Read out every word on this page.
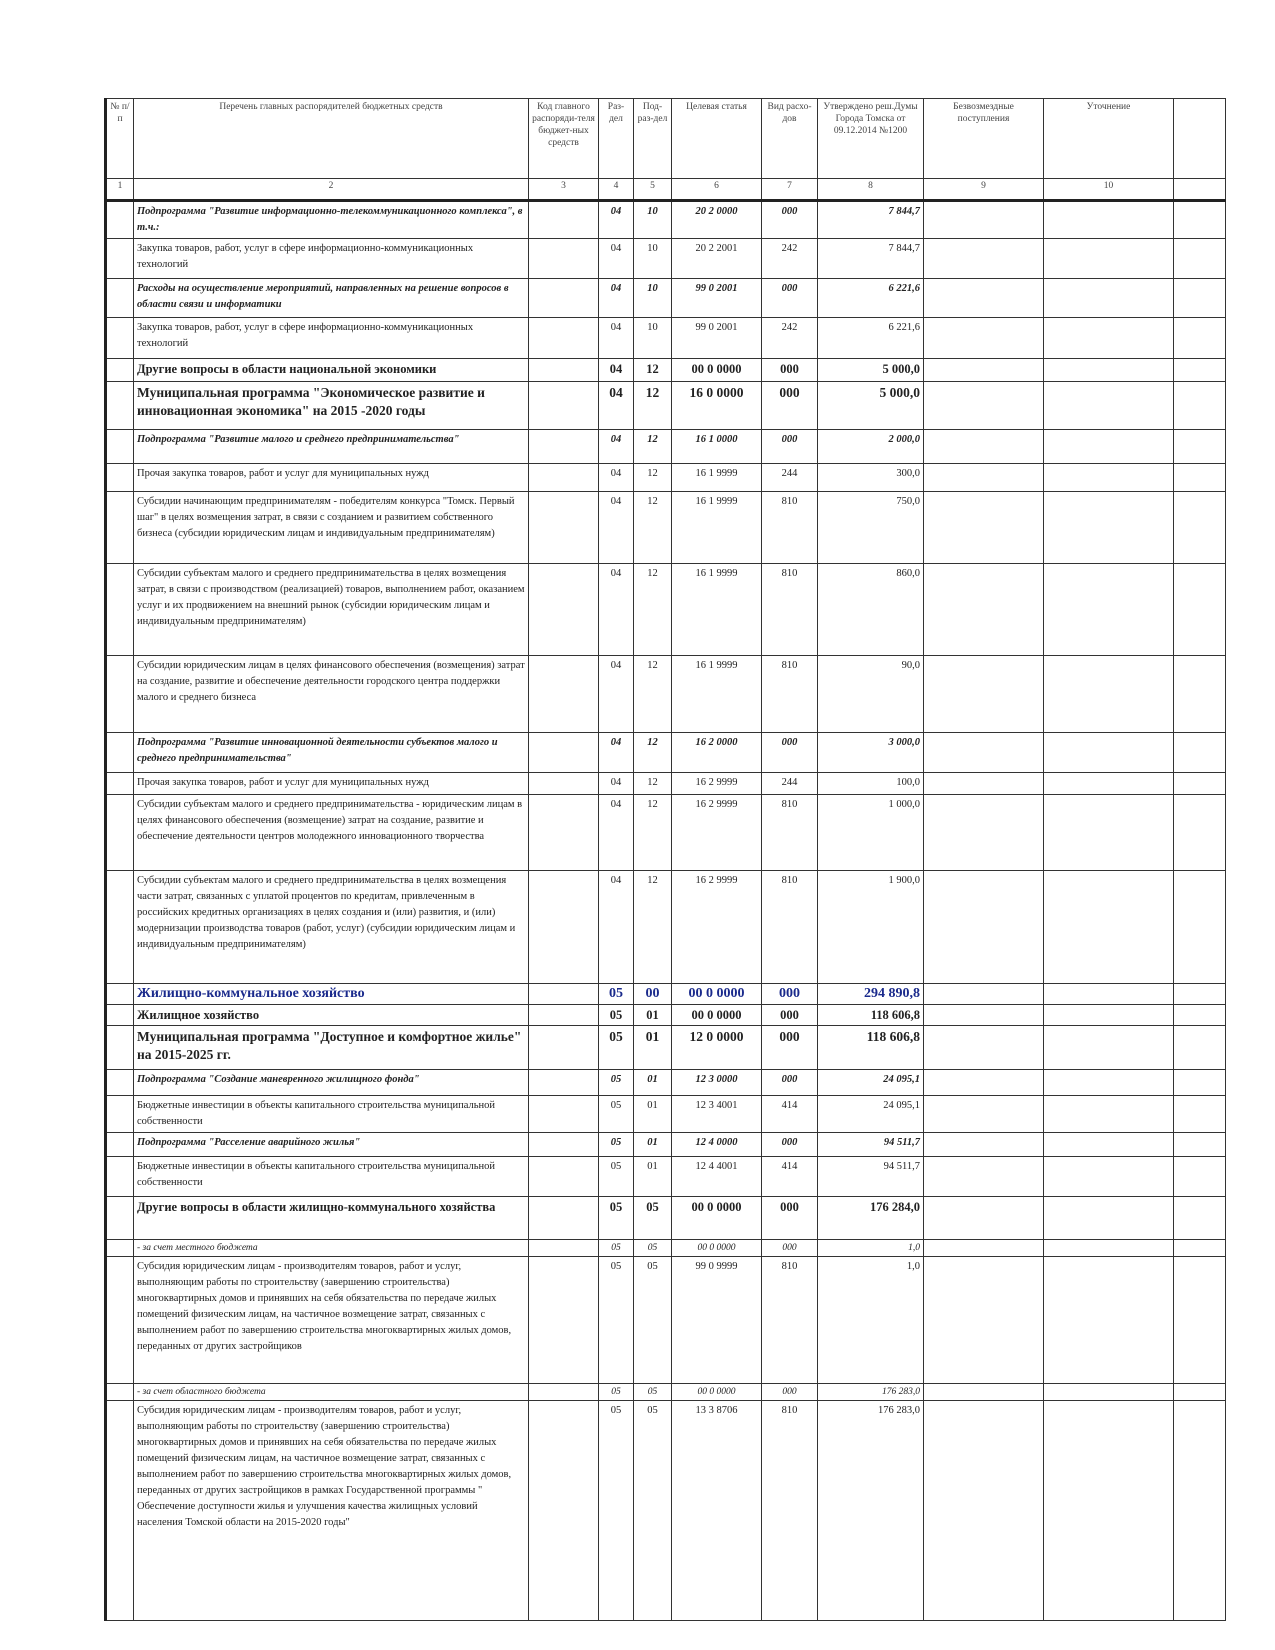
№ п/п	Перечень главных распорядителей бюджетных средств	Код главного распоряди-теля бюджет-ных средств	Раз-дел	Под-раз-дел	Целевая статья	Вид расхо-дов	Утверждено реш.Думы Города Томска от 09.12.2014 №1200	Безвозмездные поступления	Уточнение	
1	2	3	4	5	6	7	8	9	10	
	Подпрограмма "Развитие информационно-телекоммуникационного комплекса", в т.ч.:		04	10	20 2 0000	000	7 844,7			
	Закупка товаров, работ, услуг в сфере информационно-коммуникационных технологий		04	10	20 2 2001	242	7 844,7			
	Расходы на осуществление мероприятий, направленных на решение вопросов в области связи и информатики		04	10	99 0 2001	000	6 221,6			
	Закупка товаров, работ, услуг в сфере информационно-коммуникационных технологий		04	10	99 0 2001	242	6 221,6			
	Другие вопросы в области национальной экономики		04	12	00 0 0000	000	5 000,0			
	Муниципальная программа "Экономическое развитие и инновационная экономика" на 2015 -2020 годы		04	12	16 0 0000	000	5 000,0			
	Подпрограмма "Развитие малого и среднего предпринимательства"		04	12	16 1 0000	000	2 000,0			
	Прочая закупка товаров, работ и услуг для муниципальных нужд		04	12	16 1 9999	244	300,0			
	Субсидии начинающим предпринимателям - победителям конкурса "Томск. Первый шаг" в целях возмещения затрат, в связи с созданием и развитием собственного бизнеса (субсидии юридическим лицам и индивидуальным предпринимателям)		04	12	16 1 9999	810	750,0			
	Субсидии субъектам малого и среднего предпринимательства в целях возмещения затрат, в связи с производством (реализацией) товаров, выполнением работ, оказанием услуг и их продвижением на внешний рынок (субсидии юридическим лицам и индивидуальным предпринимателям)		04	12	16 1 9999	810	860,0			
	Субсидии юридическим лицам в целях финансового обеспечения (возмещения) затрат на создание, развитие и обеспечение деятельности городского центра поддержки малого и среднего бизнеса		04	12	16 1 9999	810	90,0			
	Подпрограмма "Развитие инновационной деятельности субъектов малого и среднего предпринимательства"		04	12	16 2 0000	000	3 000,0			
	Прочая закупка товаров, работ и услуг для муниципальных нужд		04	12	16 2 9999	244	100,0			
	Субсидии субъектам малого и среднего предпринимательства - юридическим лицам в целях финансового обеспечения (возмещение) затрат на создание, развитие и обеспечение деятельности центров молодежного инновационного творчества		04	12	16 2 9999	810	1 000,0			
	Субсидии субъектам малого и среднего предпринимательства в целях возмещения части затрат, связанных с уплатой процентов по кредитам, привлеченным в российских кредитных организациях в целях создания и (или) развития, и (или) модернизации производства товаров (работ, услуг) (субсидии юридическим лицам и индивидуальным предпринимателям)		04	12	16 2 9999	810	1 900,0			
	Жилищно-коммунальное хозяйство		05	00	00 0 0000	000	294 890,8			
	Жилищное хозяйство		05	01	00 0 0000	000	118 606,8			
	Муниципальная программа "Доступное и комфортное жилье" на 2015-2025 гг.		05	01	12 0 0000	000	118 606,8			
	Подпрограмма "Создание маневренного жилищного фонда"		05	01	12 3 0000	000	24 095,1			
	Бюджетные инвестиции в объекты капитального строительства муниципальной собственности		05	01	12 3 4001	414	24 095,1			
	Подпрограмма "Расселение аварийного жилья"		05	01	12 4 0000	000	94 511,7			
	Бюджетные инвестиции в объекты капитального строительства муниципальной собственности		05	01	12 4 4001	414	94 511,7			
	Другие вопросы в области жилищно-коммунального хозяйства		05	05	00 0 0000	000	176 284,0			
	- за счет местного бюджета		05	05	00 0 0000	000	1,0			
	Субсидия юридическим лицам - производителям товаров, работ и услуг, выполняющим работы по строительству (завершению строительства) многоквартирных домов и принявших на себя обязательства по передаче жилых помещений физическим лицам, на частичное возмещение затрат, связанных с выполнением работ по завершению строительства многоквартирных жилых домов, переданных от других застройщиков		05	05	99 0 9999	810	1,0			
	- за счет областного бюджета		05	05	00 0 0000	000	176 283,0			
	Субсидия юридическим лицам - производителям товаров, работ и услуг, выполняющим работы по строительству (завершению строительства) многоквартирных домов и принявших на себя обязательства по передаче жилых помещений физическим лицам, на частичное возмещение затрат, связанных с выполнением работ по завершению строительства многоквартирных жилых домов, переданных от других застройщиков в рамках Государственной программы " Обеспечение доступности жилья и улучшения качества жилищных условий населения Томской области на 2015-2020 годы"		05	05	13 3 8706	810	176 283,0			
